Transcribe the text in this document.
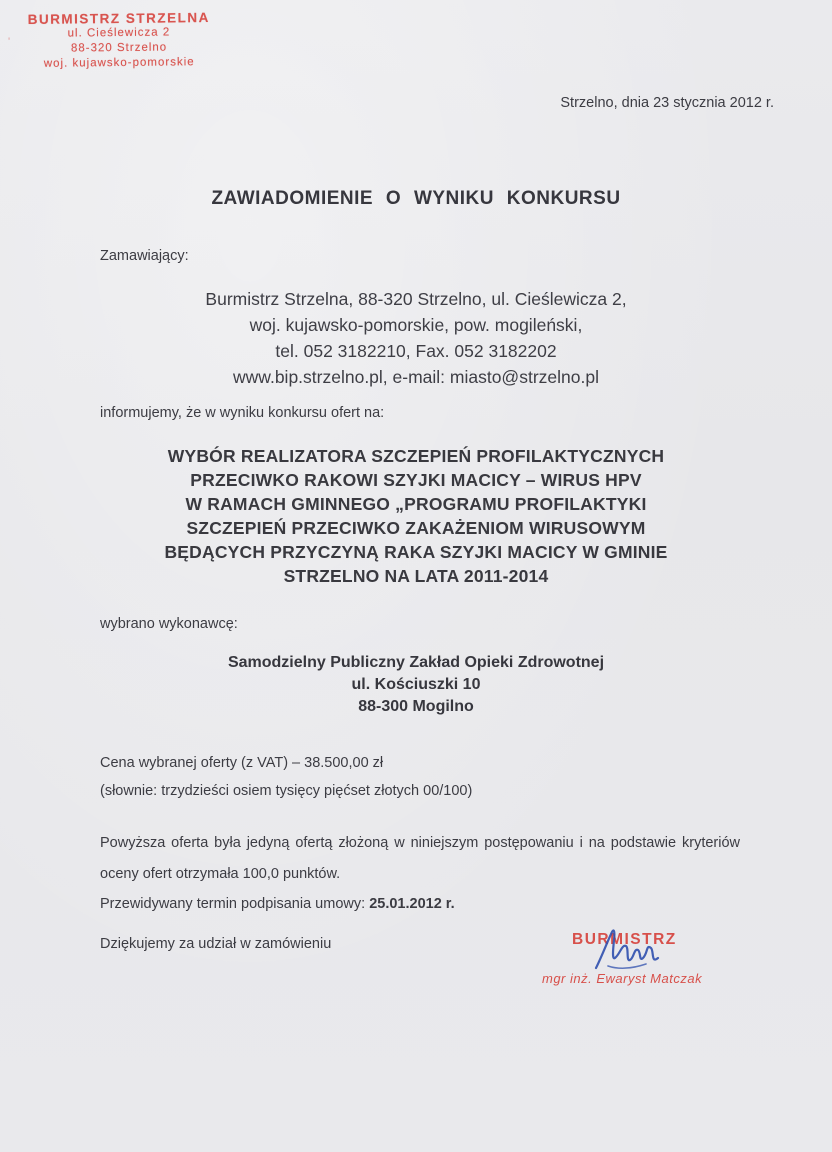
BURMISTRZ STRZELNA
ul. Cieślewicza 2
88-320 Strzelno
woj. kujawsko-pomorskie
'
Strzelno, dnia 23 stycznia 2012 r.
ZAWIADOMIENIE O WYNIKU KONKURSU
Zamawiający:
Burmistrz Strzelna, 88-320 Strzelno, ul. Cieślewicza 2,
woj. kujawsko-pomorskie, pow. mogileński,
tel. 052 3182210, Fax. 052 3182202
www.bip.strzelno.pl, e-mail: miasto@strzelno.pl
informujemy, że w wyniku konkursu ofert na:
WYBÓR REALIZATORA SZCZEPIEŃ PROFILAKTYCZNYCH
PRZECIWKO RAKOWI SZYJKI MACICY – WIRUS HPV
W RAMACH GMINNEGO „PROGRAMU PROFILAKTYKI
SZCZEPIEŃ PRZECIWKO ZAKAŻENIOM WIRUSOWYM
BĘDĄCYCH PRZYCZYNĄ RAKA SZYJKI MACICY W GMINIE
STRZELNO NA LATA 2011-2014
wybrano wykonawcę:
Samodzielny Publiczny Zakład Opieki Zdrowotnej
ul. Kościuszki 10
88-300 Mogilno
Cena wybranej oferty (z VAT) – 38.500,00 zł
(słownie: trzydzieści osiem tysięcy pięćset złotych 00/100)
Powyższa oferta była jedyną ofertą złożoną w niniejszym postępowaniu i na podstawie kryteriów oceny ofert otrzymała 100,0 punktów.
Przewidywany termin podpisania umowy: 25.01.2012 r.
Dziękujemy za udział w zamówieniu	BURMISTRZ
mgr inż. Ewaryst Matczak
